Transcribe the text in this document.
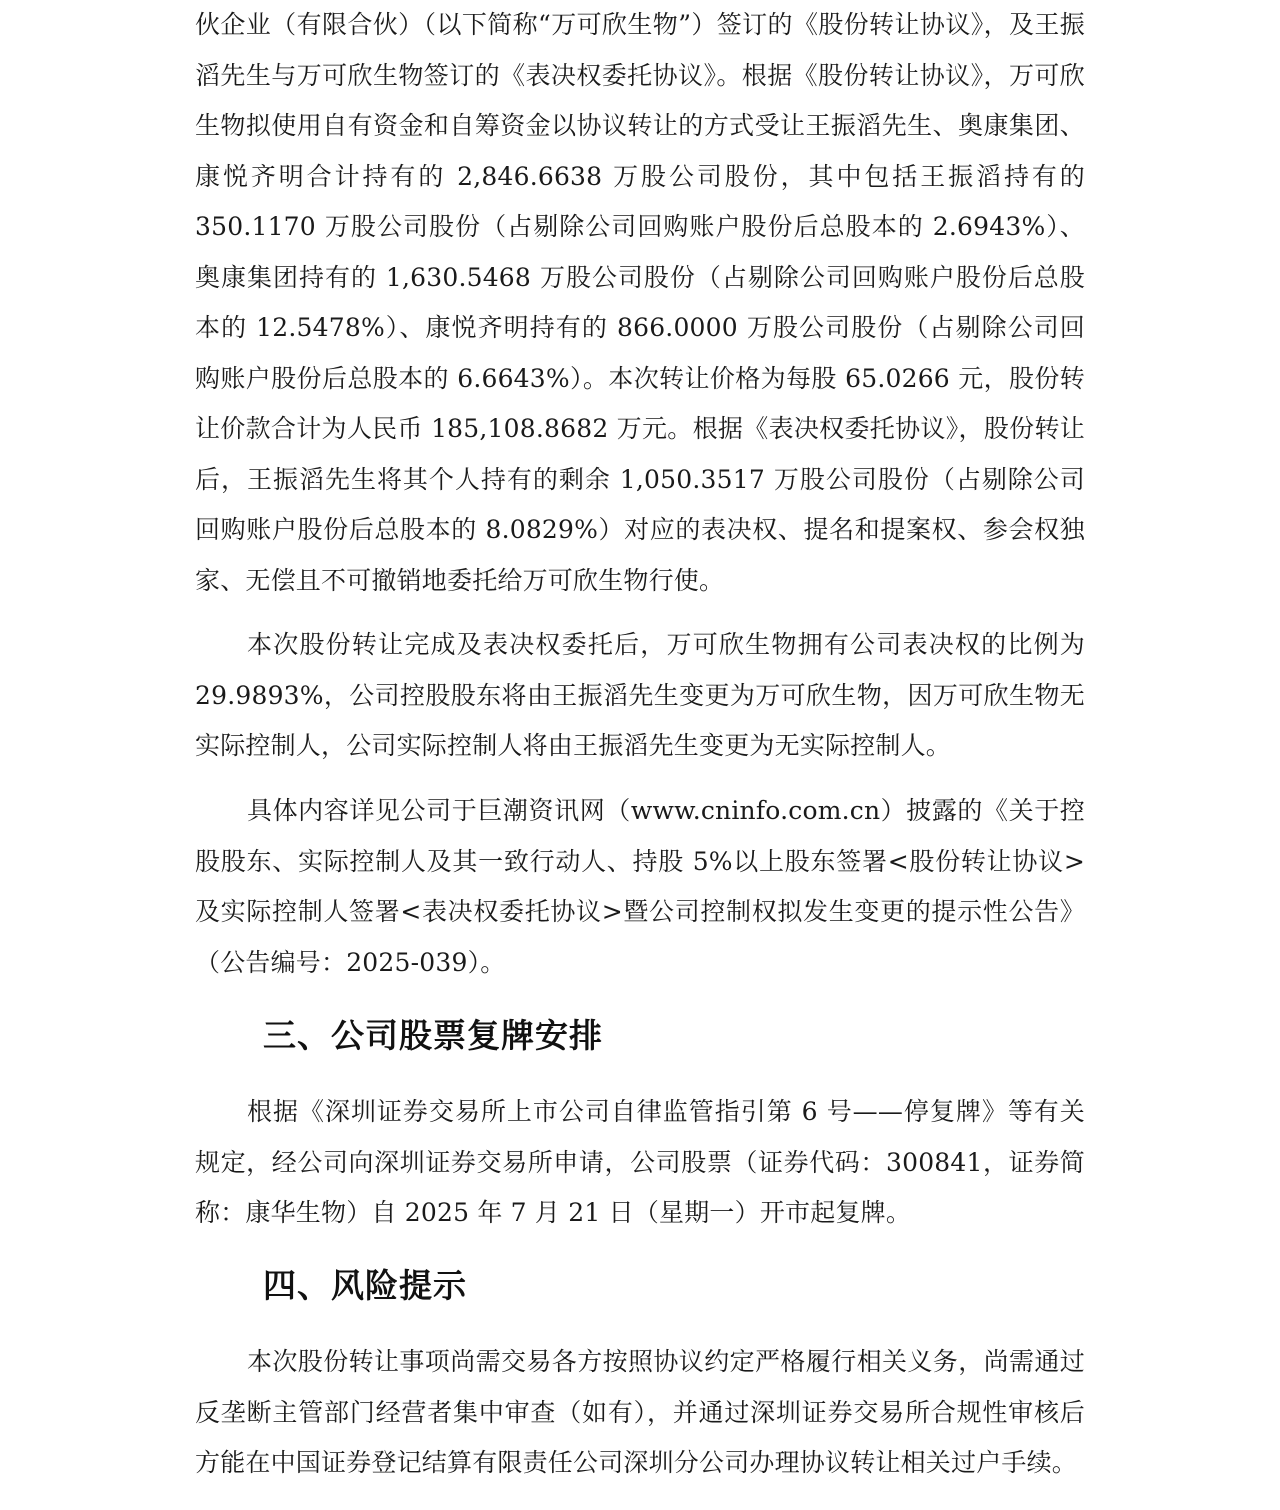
伙企业（有限合伙）（以下简称“万可欣生物”）签订的《股份转让协议》，及王振滔先生与万可欣生物签订的《表决权委托协议》。根据《股份转让协议》，万可欣生物拟使用自有资金和自筹资金以协议转让的方式受让王振滔先生、奥康集团、康悦齐明合计持有的 2,846.6638 万股公司股份，其中包括王振滔持有的 350.1170 万股公司股份（占剔除公司回购账户股份后总股本的 2.6943%）、奥康集团持有的 1,630.5468 万股公司股份（占剔除公司回购账户股份后总股本的 12.5478%）、康悦齐明持有的 866.0000 万股公司股份（占剔除公司回购账户股份后总股本的 6.6643%）。本次转让价格为每股 65.0266 元，股份转让价款合计为人民币 185,108.8682 万元。根据《表决权委托协议》，股份转让后，王振滔先生将其个人持有的剩余 1,050.3517 万股公司股份（占剔除公司回购账户股份后总股本的 8.0829%）对应的表决权、提名和提案权、参会权独家、无偿且不可撤销地委托给万可欣生物行使。
本次股份转让完成及表决权委托后，万可欣生物拥有公司表决权的比例为 29.9893%，公司控股股东将由王振滔先生变更为万可欣生物，因万可欣生物无实际控制人，公司实际控制人将由王振滔先生变更为无实际控制人。
具体内容详见公司于巨潮资讯网（www.cninfo.com.cn）披露的《关于控股股东、实际控制人及其一致行动人、持股 5%以上股东签署<股份转让协议>及实际控制人签署<表决权委托协议>暨公司控制权拟发生变更的提示性公告》（公告编号：2025-039）。
三、公司股票复牌安排
根据《深圳证券交易所上市公司自律监管指引第 6 号——停复牌》等有关规定，经公司向深圳证券交易所申请，公司股票（证券代码：300841，证券简称：康华生物）自 2025 年 7 月 21 日（星期一）开市起复牌。
四、风险提示
本次股份转让事项尚需交易各方按照协议约定严格履行相关义务，尚需通过反垄断主管部门经营者集中审查（如有），并通过深圳证券交易所合规性审核后方能在中国证券登记结算有限责任公司深圳分公司办理协议转让相关过户手续。
